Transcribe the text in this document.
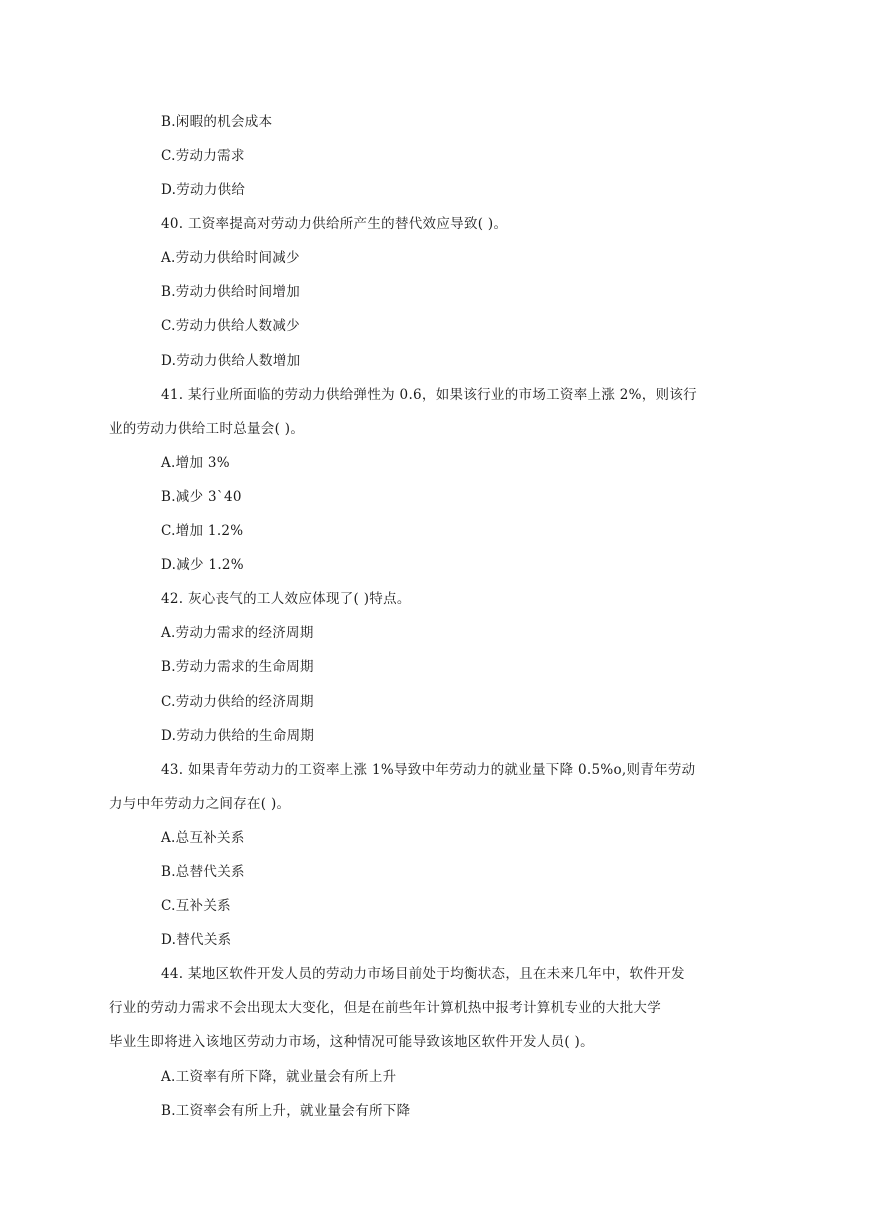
B.闲暇的机会成本
C.劳动力需求
D.劳动力供给
40. 工资率提高对劳动力供给所产生的替代效应导致( )。
A.劳动力供给时间减少
B.劳动力供给时间增加
C.劳动力供给人数减少
D.劳动力供给人数增加
41. 某行业所面临的劳动力供给弹性为 0.6，如果该行业的市场工资率上涨 2%，则该行
业的劳动力供给工时总量会( )。
A.增加 3%
B.减少 3`40
C.增加 1.2%
D.减少 1.2%
42. 灰心丧气的工人效应体现了( )特点。
A.劳动力需求的经济周期
B.劳动力需求的生命周期
C.劳动力供给的经济周期
D.劳动力供给的生命周期
43. 如果青年劳动力的工资率上涨 1%导致中年劳动力的就业量下降 0.5%o,则青年劳动
力与中年劳动力之间存在( )。
A.总互补关系
B.总替代关系
C.互补关系
D.替代关系
44. 某地区软件开发人员的劳动力市场目前处于均衡状态，且在未来几年中，软件开发
行业的劳动力需求不会出现太大变化，但是在前些年计算机热中报考计算机专业的大批大学
毕业生即将进入该地区劳动力市场，这种情况可能导致该地区软件开发人员( )。
A.工资率有所下降，就业量会有所上升
B.工资率会有所上升，就业量会有所下降
